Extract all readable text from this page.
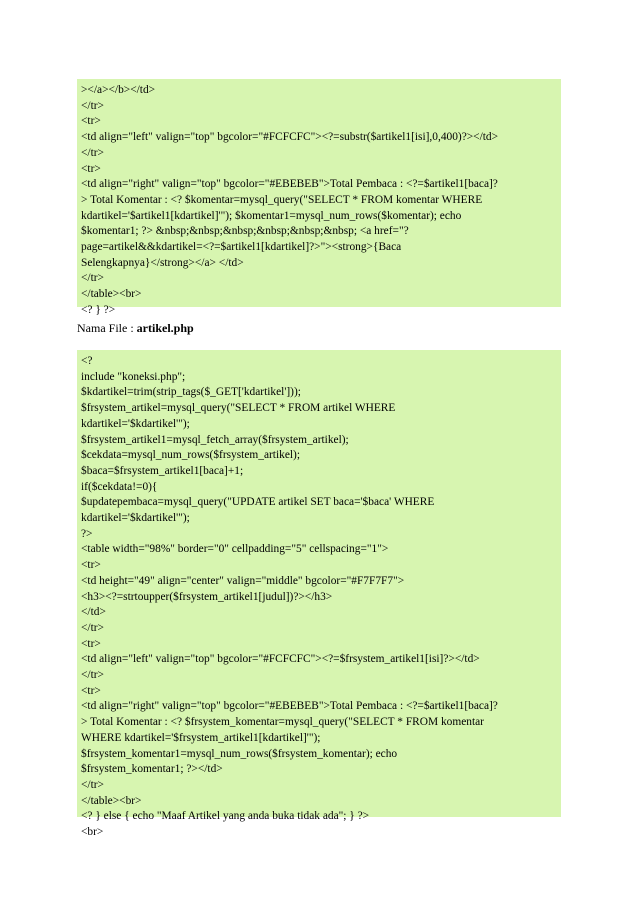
></a></b></td>
</tr>
<tr>
<td align="left" valign="top" bgcolor="#FCFCFC"><?=substr($artikel1[isi],0,400)?></td>
</tr>
<tr>
<td align="right" valign="top" bgcolor="#EBEBEB">Total Pembaca : <?=$artikel1[baca]?
> Total Komentar : <? $komentar=mysql_query("SELECT * FROM komentar WHERE
kdartikel='$artikel1[kdartikel]'"); $komentar1=mysql_num_rows($komentar); echo
$komentar1; ?> &nbsp;&nbsp;&nbsp;&nbsp;&nbsp;&nbsp; <a href="?
page=artikel&&kdartikel=<?=$artikel1[kdartikel]?>"><strong>{Baca
Selengkapnya}</strong></a> </td>
</tr>
</table><br>
<? } ?>
Nama File : artikel.php
<?
include "koneksi.php";
$kdartikel=trim(strip_tags($_GET['kdartikel']));
$frsystem_artikel=mysql_query("SELECT * FROM artikel WHERE
kdartikel='$kdartikel'");
$frsystem_artikel1=mysql_fetch_array($frsystem_artikel);
$cekdata=mysql_num_rows($frsystem_artikel);
$baca=$frsystem_artikel1[baca]+1;
if($cekdata!=0){
$updatepembaca=mysql_query("UPDATE artikel SET baca='$baca' WHERE
kdartikel='$kdartikel'");
?>
<table width="98%" border="0" cellpadding="5" cellspacing="1">
<tr>
<td height="49" align="center" valign="middle" bgcolor="#F7F7F7">
<h3><?=strtoupper($frsystem_artikel1[judul])?></h3>
</td>
</tr>
<tr>
<td align="left" valign="top" bgcolor="#FCFCFC"><?=$frsystem_artikel1[isi]?></td>
</tr>
<tr>
<td align="right" valign="top" bgcolor="#EBEBEB">Total Pembaca : <?=$artikel1[baca]?
> Total Komentar : <? $frsystem_komentar=mysql_query("SELECT * FROM komentar
WHERE kdartikel='$frsystem_artikel1[kdartikel]'");
$frsystem_komentar1=mysql_num_rows($frsystem_komentar); echo
$frsystem_komentar1; ?></td>
</tr>
</table><br>
<? } else { echo "Maaf Artikel yang anda buka tidak ada"; } ?>
<br>
